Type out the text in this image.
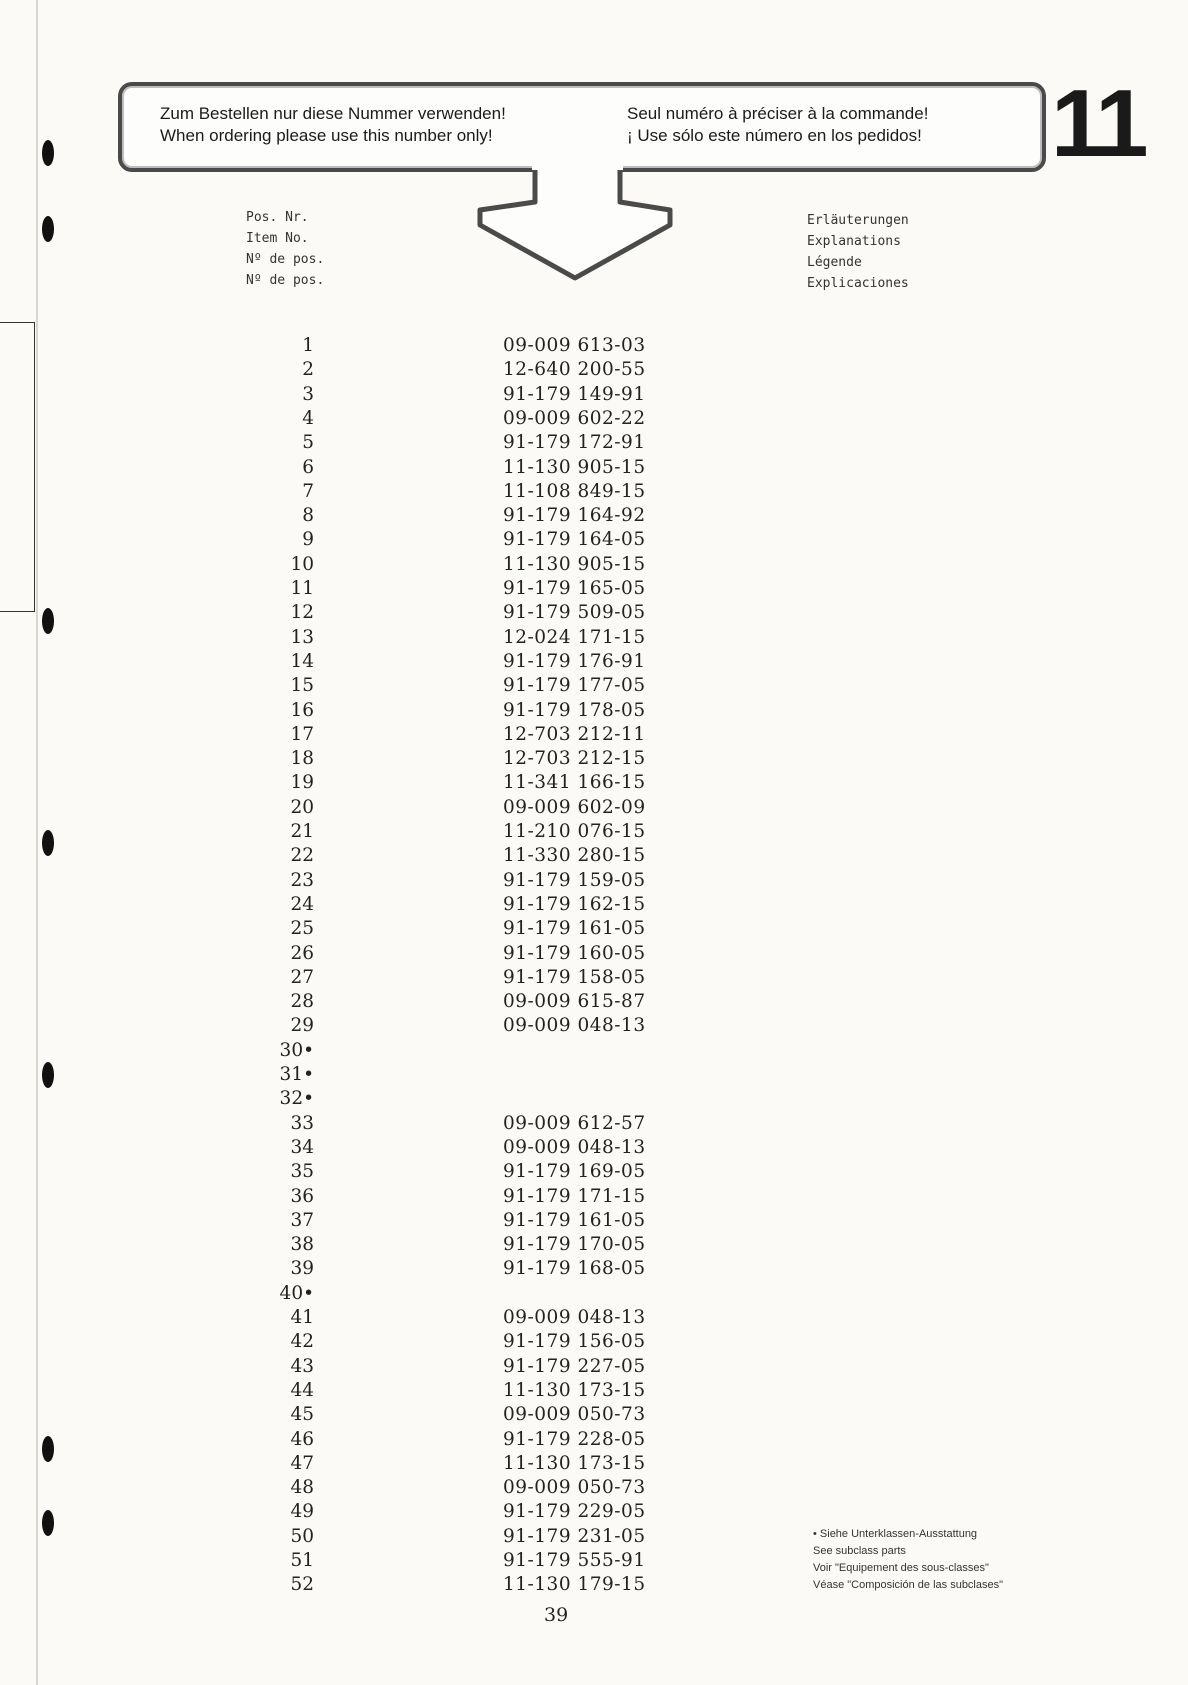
Zum Bestellen nur diese Nummer verwenden!
When ordering please use this number only!
Seul numéro à préciser à la commande!
¡ Use sólo este número en los pedidos! 11
Pos. Nr.
Item No.
Nº de pos.
Nº de pos.
Erläuterungen
Explanations
Légende
Explicaciones
1	09-009 613-03
2	12-640 200-55
3	91-179 149-91
4	09-009 602-22
5	91-179 172-91
6	11-130 905-15
7	11-108 849-15
8	91-179 164-92
9	91-179 164-05
10	11-130 905-15
11	91-179 165-05
12	91-179 509-05
13	12-024 171-15
14	91-179 176-91
15	91-179 177-05
16	91-179 178-05
17	12-703 212-11
18	12-703 212-15
19	11-341 166-15
20	09-009 602-09
21	11-210 076-15
22	11-330 280-15
23	91-179 159-05
24	91-179 162-15
25	91-179 161-05
26	91-179 160-05
27	91-179 158-05
28	09-009 615-87
29	09-009 048-13
30•
31•
32•
33	09-009 612-57
34	09-009 048-13
35	91-179 169-05
36	91-179 171-15
37	91-179 161-05
38	91-179 170-05
39	91-179 168-05
40•
41	09-009 048-13
42	91-179 156-05
43	91-179 227-05
44	11-130 173-15
45	09-009 050-73
46	91-179 228-05
47	11-130 173-15
48	09-009 050-73
49	91-179 229-05
50	91-179 231-05
51	91-179 555-91
52	11-130 179-15
• Siehe Unterklassen-Ausstattung
See subclass parts
Voir "Equipement des sous-classes"
Véase "Composición de las subclases"
39
